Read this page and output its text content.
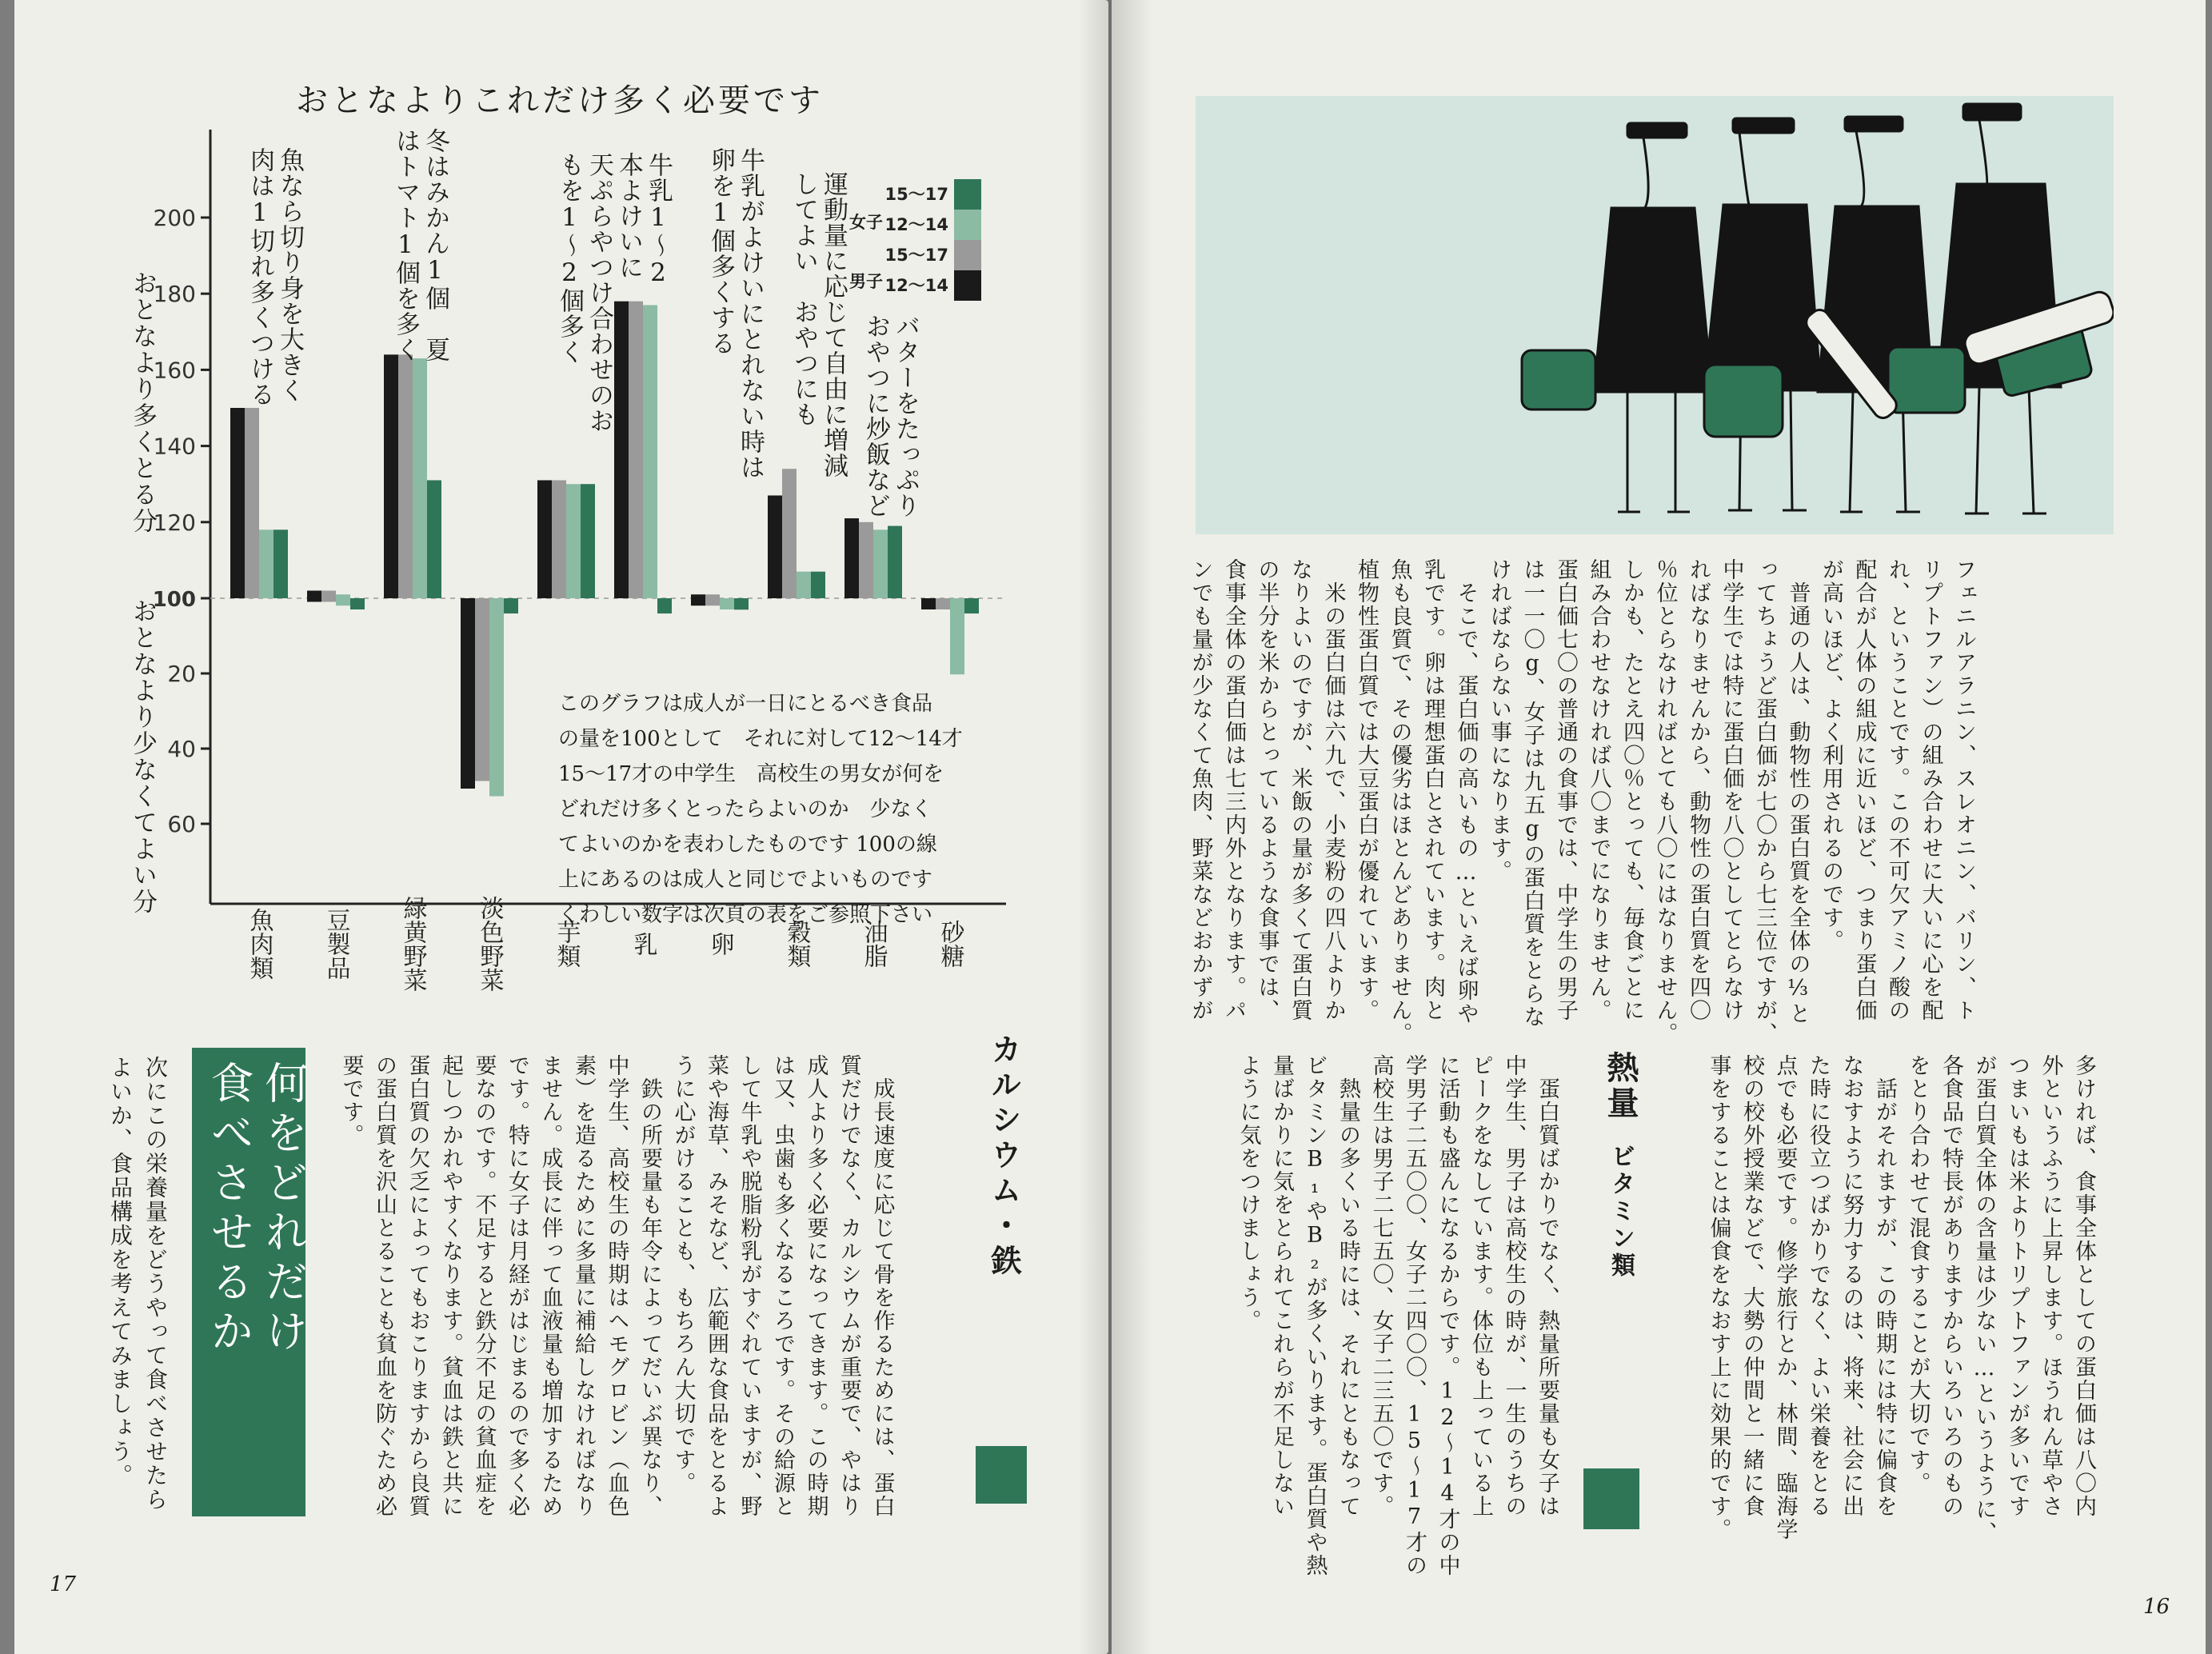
おとなよりこれだけ多く必要です
200
180
160
140
120
100
20
40
60
魚肉類 豆製品 緑黄野菜 淡色野菜 芋類 乳 卵 穀類 油脂 砂糖
15〜17
12〜14
15〜17
12〜14
魚なら切り身を大きく
肉は1切れ多くつける	冬はみかん1個　夏
はトマト1個を多く	牛乳1〜2
本よけいに
天ぷらやつけ合わせのお
もを1〜2個多く	牛乳がよけいにとれない時は
卵を1個多くする	運動量に応じて自由に増減
してよい　おやつにも	バターをたっぷり
おやつに炒飯など
おとなより多くとる分
おとなより少なくてよい分
女子
男子
このグラフは成人が一日にとるべき食品
の量を100として　それに対して12〜14才
15〜17才の中学生　高校生の男女が何を
どれだけ多くとったらよいのか　少なく
てよいのかを表わしたものです 100の線
上にあるのは成人と同じでよいものです
くわしい数字は次頁の表をご参照下さい
　成長速度に応じて骨を作るためには、蛋白
質だけでなく、カルシウムが重要で、やはり
成人より多く必要になってきます。この時期
は又、虫歯も多くなるころです。その給源と
して牛乳や脱脂粉乳がすぐれていますが、野
菜や海草、みそなど、広範囲な食品をとるよ
うに心がけることも、もちろん大切です。
　鉄の所要量も年令によってだいぶ異なり、
中学生、高校生の時期はヘモグロビン（血色
素）を造るために多量に補給しなければなり
ません。成長に伴って血液量も増加するため
です。特に女子は月経がはじまるので多く必
要なのです。不足すると鉄分不足の貧血症を
起しつかれやすくなります。貧血は鉄と共に
蛋白質の欠乏によってもおこりますから良質
の蛋白質を沢山とることも貧血を防ぐため必
要です。	カルシウム・鉄
何をどれだけ
食べさせるか
次にこの栄養量をどうやって食べさせたら
よいか、食品構成を考えてみましょう。
17
フェニルアラニン、スレオニン、バリン、ト
リプトファン）の組み合わせに大いに心を配
れ、ということです。この不可欠アミノ酸の
配合が人体の組成に近いほど、つまり蛋白価
が高いほど、よく利用されるのです。
　普通の人は、動物性の蛋白質を全体の⅓と
ってちょうど蛋白価が七〇から七三位ですが、
中学生では特に蛋白価を八〇としてとらなけ
ればなりませんから、動物性の蛋白質を四〇
％位とらなければとても八〇にはなりません。
しかも、たとえ四〇％とっても、毎食ごとに
組み合わせなければ八〇までになりません。
蛋白価七〇の普通の食事では、中学生の男子
は一一〇g、女子は九五gの蛋白質をとらな
ければならない事になります。
　そこで、蛋白価の高いもの…といえば卵や
乳です。卵は理想蛋白とされています。肉と
魚も良質で、その優劣はほとんどありません。
植物性蛋白質では大豆蛋白が優れています。
　米の蛋白価は六九で、小麦粉の四八よりか
なりよいのですが、米飯の量が多くて蛋白質
の半分を米からとっているような食事では、
食事全体の蛋白価は七三内外となります。パ
ンでも量が少なくて魚肉、野菜などおかずが
多ければ、食事全体としての蛋白価は八〇内
外というふうに上昇します。ほうれん草やさ
つまいもは米よりトリプトファンが多いです
が蛋白質全体の含量は少ない…というように、
各食品で特長がありますからいろいろのもの
をとり合わせて混食することが大切です。
　話がそれますが、この時期には特に偏食を
なおすように努力するのは、将来、社会に出
た時に役立つばかりでなく、よい栄養をとる
点でも必要です。修学旅行とか、林間、臨海学
校の校外授業などで、大勢の仲間と一緒に食
事をすることは偏食をなおす上に効果的です。
熱量
ビタミン類
　蛋白質ばかりでなく、熱量所要量も女子は
中学生、男子は高校生の時が、一生のうちの
ピークをなしています。体位も上っている上
に活動も盛んになるからです。12〜14才の中
学男子二五〇〇、女子二四〇〇、15〜17才の
高校生は男子二七五〇、女子二三五〇です。
　熱量の多くいる時には、それにともなって
ビタミンB₁やB₂が多くいります。蛋白質や熱
量ばかりに気をとられてこれらが不足しない
ように気をつけましょう。
16
